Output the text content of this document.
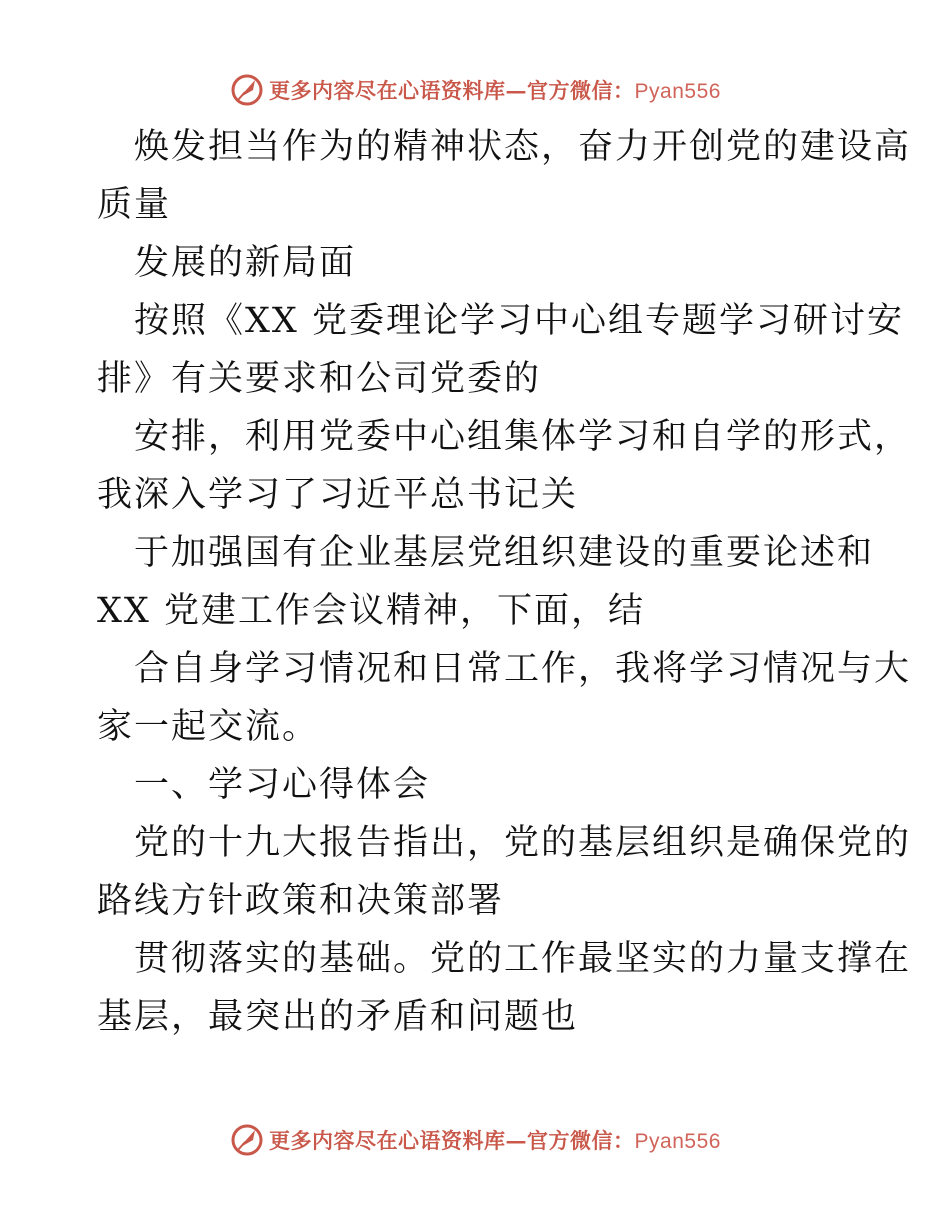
更多内容尽在心语资料库—官方微信：Pyan556
焕发担当作为的精神状态，奋力开创党的建设高
质量
发展的新局面
按照《XX 党委理论学习中心组专题学习研讨安
排》有关要求和公司党委的
安排，利用党委中心组集体学习和自学的形式，
我深入学习了习近平总书记关
于加强国有企业基层党组织建设的重要论述和
XX 党建工作会议精神，下面，结
合自身学习情况和日常工作，我将学习情况与大
家一起交流。
一、学习心得体会
党的十九大报告指出，党的基层组织是确保党的
路线方针政策和决策部署
贯彻落实的基础。党的工作最坚实的力量支撑在
基层，最突出的矛盾和问题也
更多内容尽在心语资料库—官方微信：Pyan556
